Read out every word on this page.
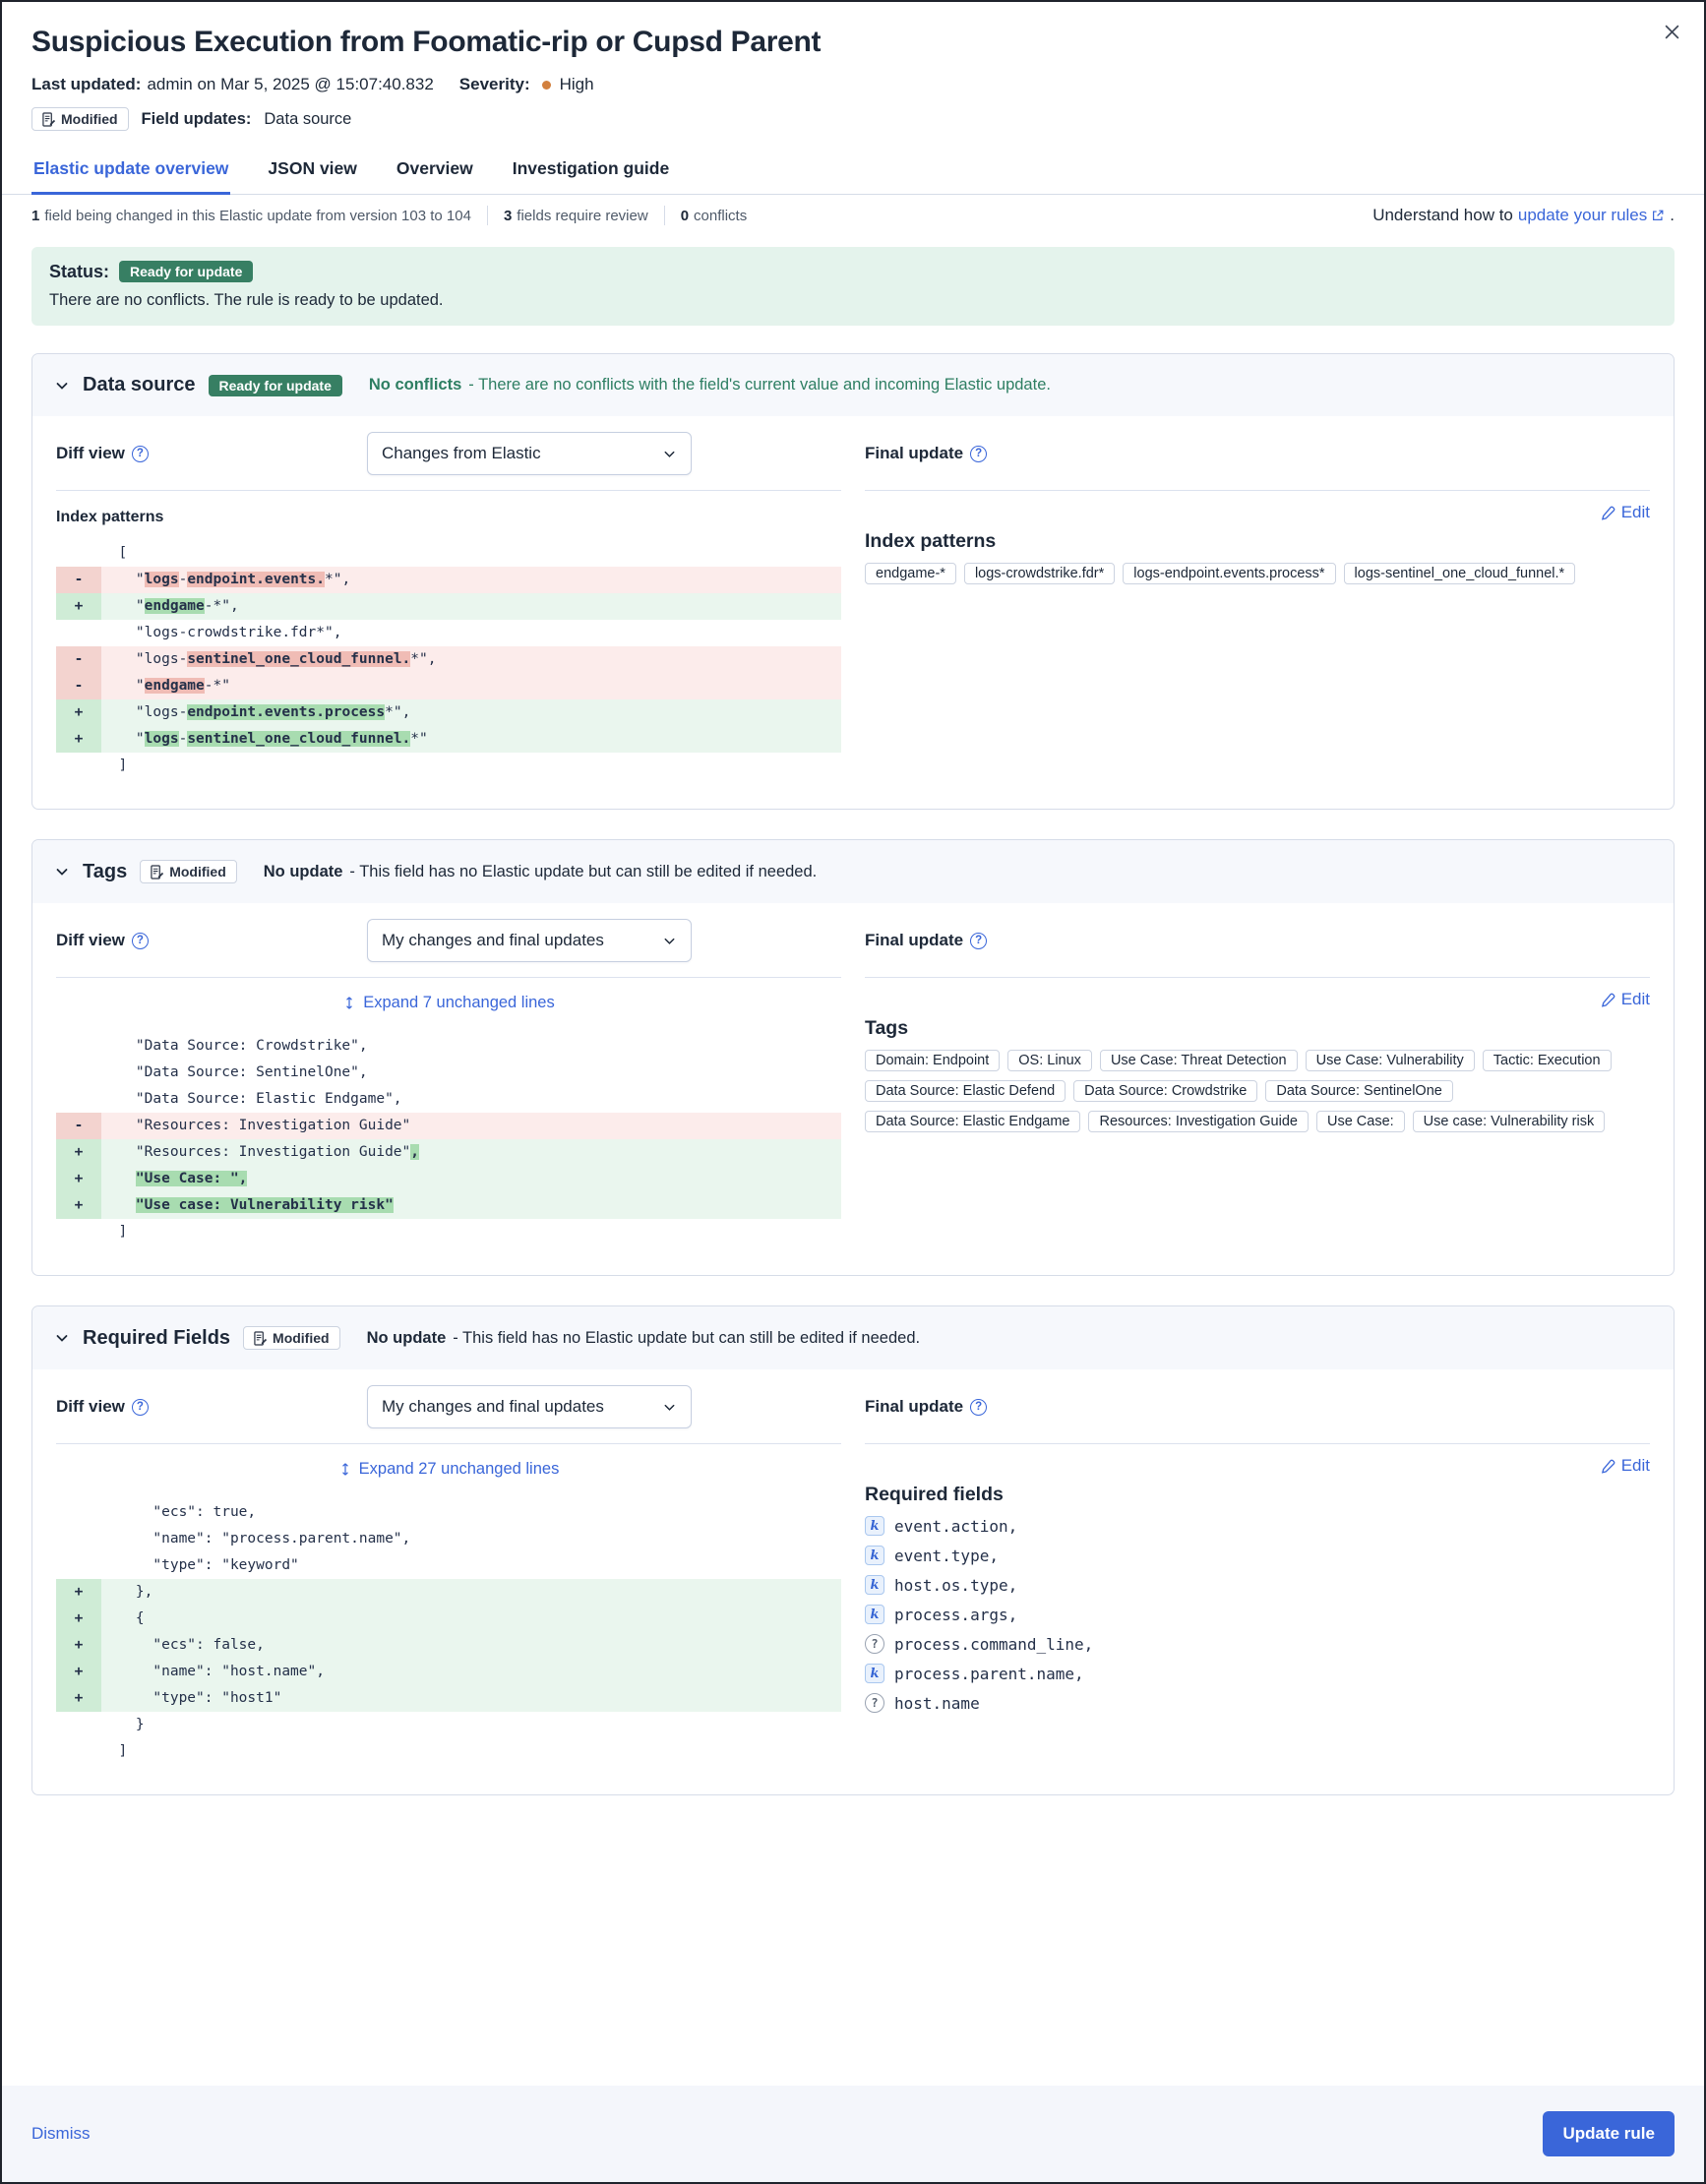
Suspicious Execution from Foomatic-rip or Cupsd Parent
Last updated: admin on Mar 5, 2025 @ 15:07:40.832 Severity: High
Modified Field updates: Data source
Elastic update overview JSON view Overview Investigation guide
1 field being changed in this Elastic update from version 103 to 104 3 fields require review 0 conflicts	Understand how to update your rules .
Status:	Ready for update
There are no conflicts. The rule is ready to be updated.
Data source	Ready for update	No conflicts - There are no conflicts with the field's current value and incoming Elastic update.
Diff view	?	Changes from Elastic
Index patterns
[
-	"logs-endpoint.events.*",
+	"endgame-*",
"logs-crowdstrike.fdr*",
-	"logs-sentinel_one_cloud_funnel.*",
-	"endgame-*"
+	"logs-endpoint.events.process*",
+	"logs-sentinel_one_cloud_funnel.*"
]
Final update	?
Edit
Index patterns
endgame-*	logs-crowdstrike.fdr*	logs-endpoint.events.process*	logs-sentinel_one_cloud_funnel.*
Tags	Modified No update - This field has no Elastic update but can still be edited if needed.
Diff view	?	My changes and final updates
Expand 7 unchanged lines
"Data Source: Crowdstrike",
"Data Source: SentinelOne",
"Data Source: Elastic Endgame",
-	"Resources: Investigation Guide"
+	"Resources: Investigation Guide",
+	"Use Case: ",
+	"Use case: Vulnerability risk"
]
Final update	?
Edit
Tags
Domain: Endpoint	OS: Linux	Use Case: Threat Detection	Use Case: Vulnerability	Tactic: Execution
Data Source: Elastic Defend	Data Source: Crowdstrike	Data Source: SentinelOne
Data Source: Elastic Endgame	Resources: Investigation Guide	Use Case:	Use case: Vulnerability risk
Required Fields	Modified No update - This field has no Elastic update but can still be edited if needed.
Diff view	?	My changes and final updates
Expand 27 unchanged lines
"ecs": true,
"name": "process.parent.name",
"type": "keyword"
+	},
+	{
+	"ecs": false,
+	"name": "host.name",
+	"type": "host1"
}
]
Final update	?
Edit
Required fields
k event.action,
k event.type,
k host.os.type,
k process.args,
?	process.command_line,
k process.parent.name,
?	host.name
Dismiss	Update rule
